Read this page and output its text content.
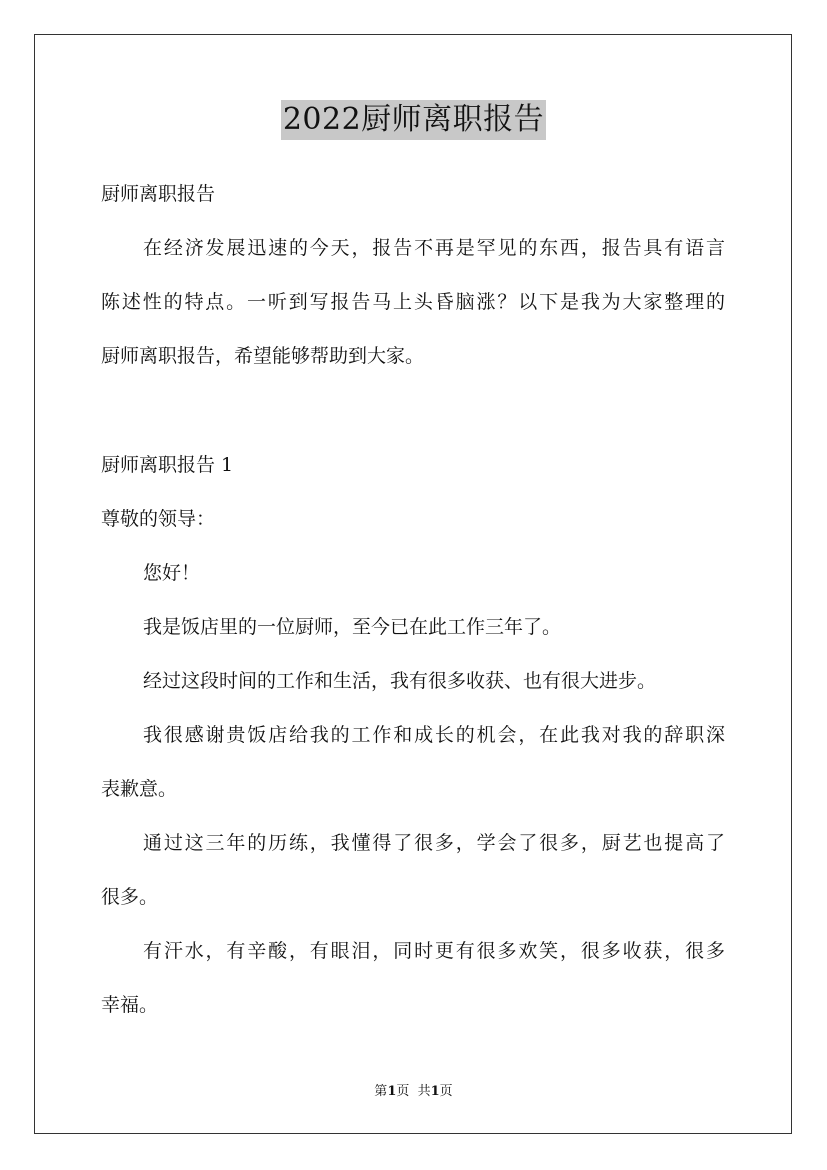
2022厨师离职报告
厨师离职报告
在经济发展迅速的今天，报告不再是罕见的东西，报告具有语言
陈述性的特点。一听到写报告马上头昏脑涨？以下是我为大家整理的
厨师离职报告，希望能够帮助到大家。
厨师离职报告 1
尊敬的领导：
您好！
我是饭店里的一位厨师，至今已在此工作三年了。
经过这段时间的工作和生活，我有很多收获、也有很大进步。
我很感谢贵饭店给我的工作和成长的机会，在此我对我的辞职深
表歉意。
通过这三年的历练，我懂得了很多，学会了很多，厨艺也提高了
很多。
有汗水，有辛酸，有眼泪，同时更有很多欢笑，很多收获，很多
幸福。
第1页  共1页
